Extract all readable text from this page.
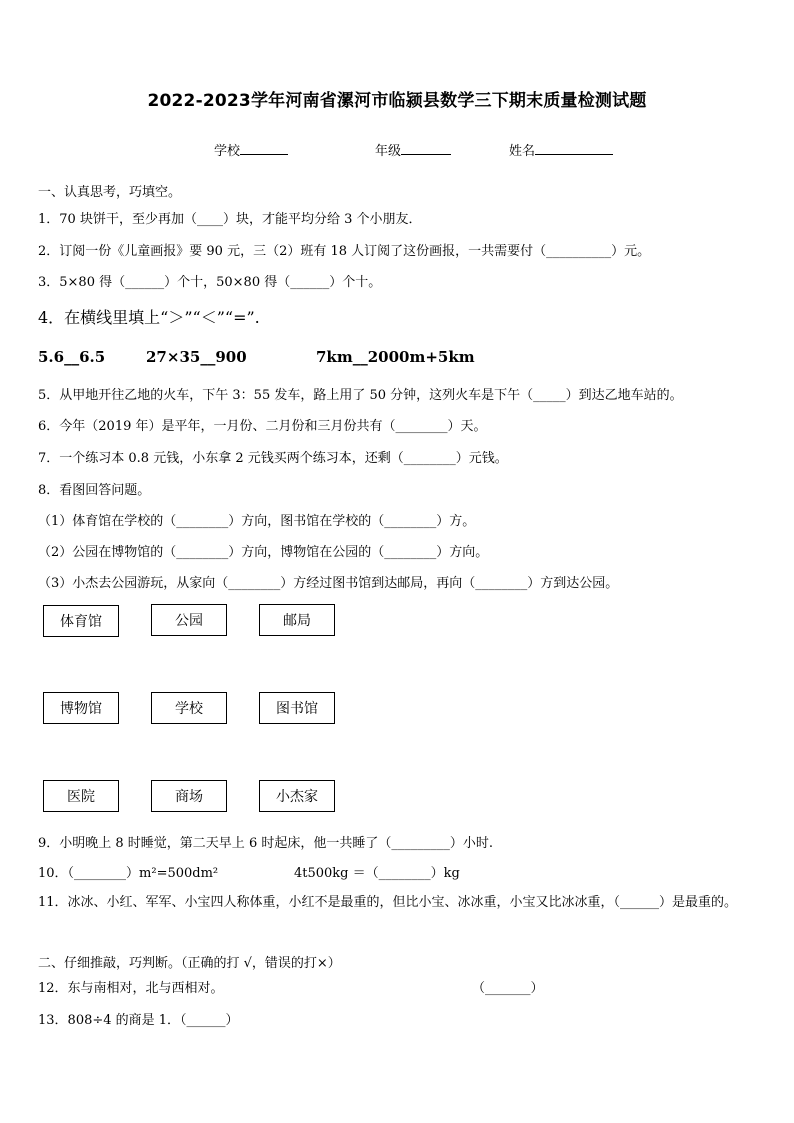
2022-2023学年河南省漯河市临颍县数学三下期末质量检测试题
学校	年级	姓名
一、认真思考，巧填空。
1．70 块饼干，至少再加（____）块，才能平均分给 3 个小朋友．
2．订阅一份《儿童画报》要 90 元，三（2）班有 18 人订阅了这份画报，一共需要付（__________）元。
3．5×80 得（______）个十，50×80 得（______）个十。
4．在横线里填上“＞”“＜”“=”.
5.6__6.5	27×35__900	7km__2000m+5km
5．从甲地开往乙地的火车，下午 3：55 发车，路上用了 50 分钟，这列火车是下午（_____）到达乙地车站的。
6．今年（2019 年）是平年，一月份、二月份和三月份共有（________）天。
7．一个练习本 0.8 元钱，小东拿 2 元钱买两个练习本，还剩（________）元钱。
8．看图回答问题。
（1）体育馆在学校的（________）方向，图书馆在学校的（________）方。
（2）公园在博物馆的（________）方向，博物馆在公园的（________）方向。
（3）小杰去公园游玩，从家向（________）方经过图书馆到达邮局，再向（________）方到达公园。
体育馆	公园	邮局
博物馆	学校	图书馆
医院	商场	小杰家
9．小明晚上 8 时睡觉，第二天早上 6 时起床，他一共睡了（_________）小时.
10．（________）m²=500dm²	4t500kg ＝（________）kg
11．冰冰、小红、军军、小宝四人称体重，小红不是最重的，但比小宝、冰冰重，小宝又比冰冰重，（______）是最重的。
二、仔细推敲，巧判断。（正确的打 √，错误的打×）
12．东与南相对，北与西相对。	（_______）
13．808÷4 的商是 1．（______）
